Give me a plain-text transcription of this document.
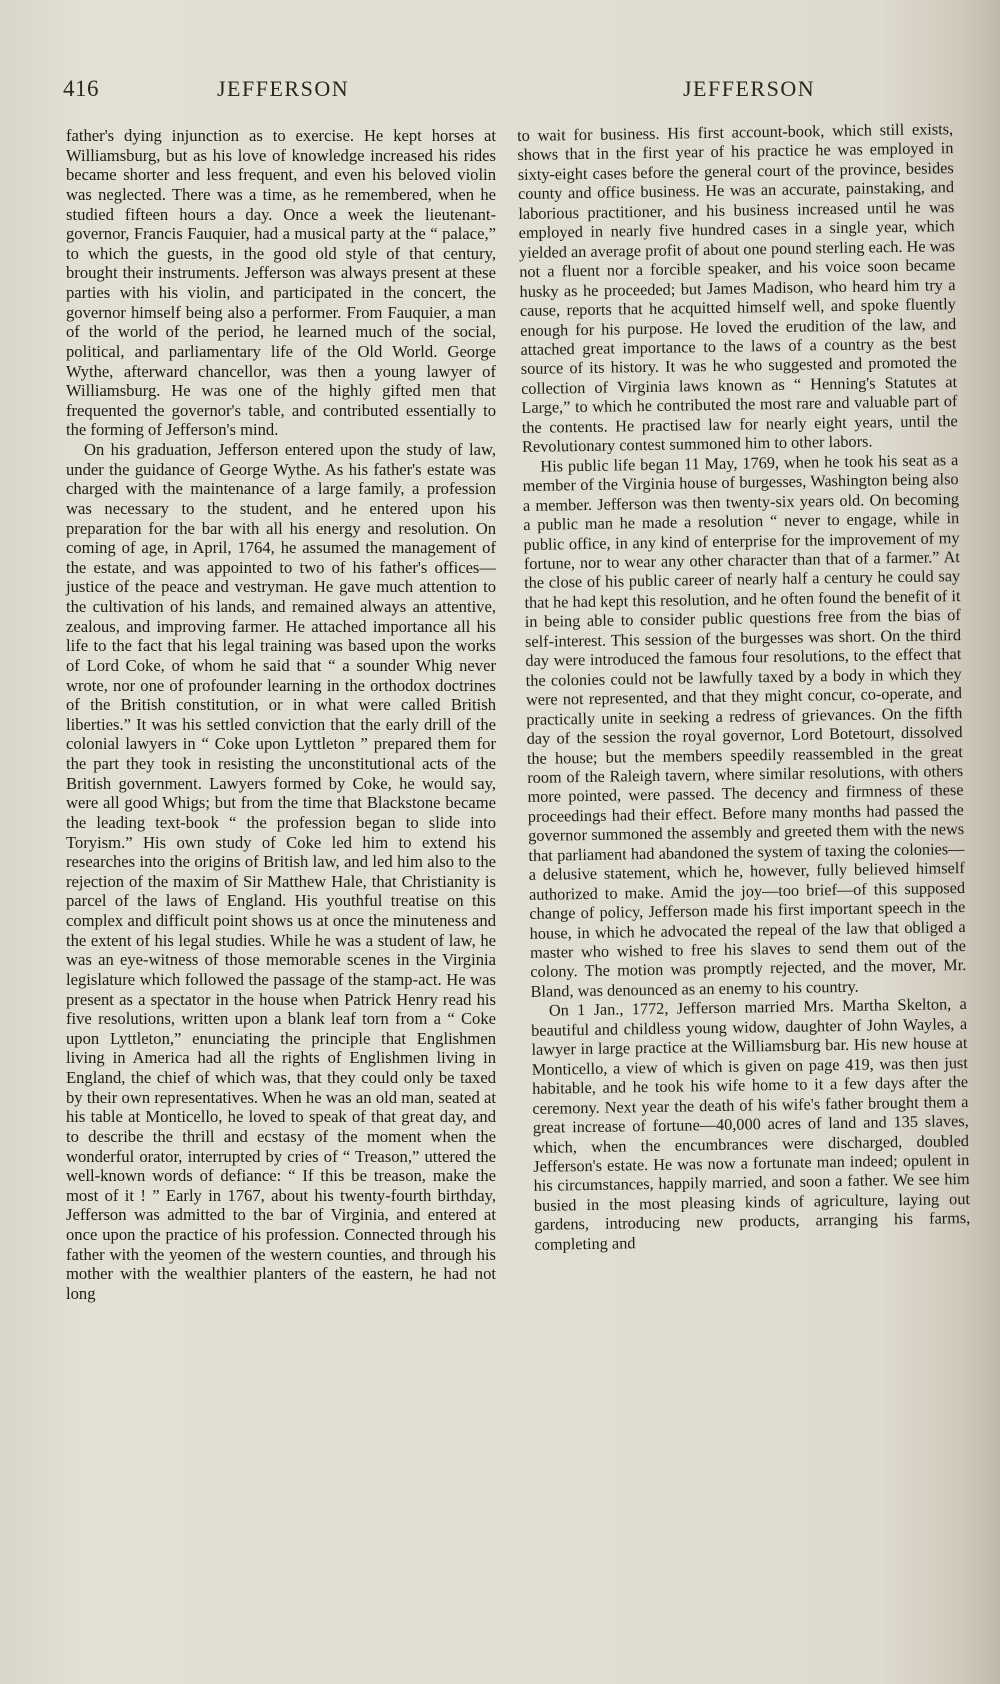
416	JEFFERSON	JEFFERSON

father's dying injunction as to exercise. He kept horses at Williamsburg, but as his love of knowledge increased his rides became shorter and less frequent, and even his beloved violin was neglected. There was a time, as he remembered, when he studied fifteen hours a day. Once a week the lieutenant-governor, Francis Fauquier, had a musical party at the “ palace,” to which the guests, in the good old style of that century, brought their instruments. Jefferson was always present at these parties with his violin, and participated in the concert, the governor himself being also a performer. From Fauquier, a man of the world of the period, he learned much of the social, political, and parliamentary life of the Old World. George Wythe, afterward chancellor, was then a young lawyer of Williamsburg. He was one of the highly gifted men that frequented the governor's table, and contributed essentially to the forming of Jefferson's mind.

On his graduation, Jefferson entered upon the study of law, under the guidance of George Wythe. As his father's estate was charged with the maintenance of a large family, a profession was necessary to the student, and he entered upon his preparation for the bar with all his energy and resolution. On coming of age, in April, 1764, he assumed the management of the estate, and was appointed to two of his father's offices—justice of the peace and vestryman. He gave much attention to the cultivation of his lands, and remained always an attentive, zealous, and improving farmer. He attached importance all his life to the fact that his legal training was based upon the works of Lord Coke, of whom he said that “ a sounder Whig never wrote, nor one of profounder learning in the orthodox doctrines of the British constitution, or in what were called British liberties.” It was his settled conviction that the early drill of the colonial lawyers in “ Coke upon Lyttleton ” prepared them for the part they took in resisting the unconstitutional acts of the British government. Lawyers formed by Coke, he would say, were all good Whigs; but from the time that Blackstone became the leading text-book “ the profession began to slide into Toryism.” His own study of Coke led him to extend his researches into the origins of British law, and led him also to the rejection of the maxim of Sir Matthew Hale, that Christianity is parcel of the laws of England. His youthful treatise on this complex and difficult point shows us at once the minuteness and the extent of his legal studies. While he was a student of law, he was an eye-witness of those memorable scenes in the Virginia legislature which followed the passage of the stamp-act. He was present as a spectator in the house when Patrick Henry read his five resolutions, written upon a blank leaf torn from a “ Coke upon Lyttleton,” enunciating the principle that Englishmen living in America had all the rights of Englishmen living in England, the chief of which was, that they could only be taxed by their own representatives. When he was an old man, seated at his table at Monticello, he loved to speak of that great day, and to describe the thrill and ecstasy of the moment when the wonderful orator, interrupted by cries of “ Treason,” uttered the well-known words of defiance: “ If this be treason, make the most of it ! ” Early in 1767, about his twenty-fourth birthday, Jefferson was admitted to the bar of Virginia, and entered at once upon the practice of his profession. Connected through his father with the yeomen of the western counties, and through his mother with the wealthier planters of the eastern, he had not long

to wait for business. His first account-book, which still exists, shows that in the first year of his practice he was employed in sixty-eight cases before the general court of the province, besides county and office business. He was an accurate, painstaking, and laborious practitioner, and his business increased until he was employed in nearly five hundred cases in a single year, which yielded an average profit of about one pound sterling each. He was not a fluent nor a forcible speaker, and his voice soon became husky as he proceeded; but James Madison, who heard him try a cause, reports that he acquitted himself well, and spoke fluently enough for his purpose. He loved the erudition of the law, and attached great importance to the laws of a country as the best source of its history. It was he who suggested and promoted the collection of Virginia laws known as “ Henning's Statutes at Large,” to which he contributed the most rare and valuable part of the contents. He practised law for nearly eight years, until the Revolutionary contest summoned him to other labors.

His public life began 11 May, 1769, when he took his seat as a member of the Virginia house of burgesses, Washington being also a member. Jefferson was then twenty-six years old. On becoming a public man he made a resolution “ never to engage, while in public office, in any kind of enterprise for the improvement of my fortune, nor to wear any other character than that of a farmer.” At the close of his public career of nearly half a century he could say that he had kept this resolution, and he often found the benefit of it in being able to consider public questions free from the bias of self-interest. This session of the burgesses was short. On the third day were introduced the famous four resolutions, to the effect that the colonies could not be lawfully taxed by a body in which they were not represented, and that they might concur, co-operate, and practically unite in seeking a redress of grievances. On the fifth day of the session the royal governor, Lord Botetourt, dissolved the house; but the members speedily reassembled in the great room of the Raleigh tavern, where similar resolutions, with others more pointed, were passed. The decency and firmness of these proceedings had their effect. Before many months had passed the governor summoned the assembly and greeted them with the news that parliament had abandoned the system of taxing the colonies—a delusive statement, which he, however, fully believed himself authorized to make. Amid the joy—too brief—of this supposed change of policy, Jefferson made his first important speech in the house, in which he advocated the repeal of the law that obliged a master who wished to free his slaves to send them out of the colony. The motion was promptly rejected, and the mover, Mr. Bland, was denounced as an enemy to his country.

On 1 Jan., 1772, Jefferson married Mrs. Martha Skelton, a beautiful and childless young widow, daughter of John Wayles, a lawyer in large practice at the Williamsburg bar. His new house at Monticello, a view of which is given on page 419, was then just habitable, and he took his wife home to it a few days after the ceremony. Next year the death of his wife's father brought them a great increase of fortune—40,000 acres of land and 135 slaves, which, when the encumbrances were discharged, doubled Jefferson's estate. He was now a fortunate man indeed; opulent in his circumstances, happily married, and soon a father. We see him busied in the most pleasing kinds of agriculture, laying out gardens, introducing new products, arranging his farms, completing and
